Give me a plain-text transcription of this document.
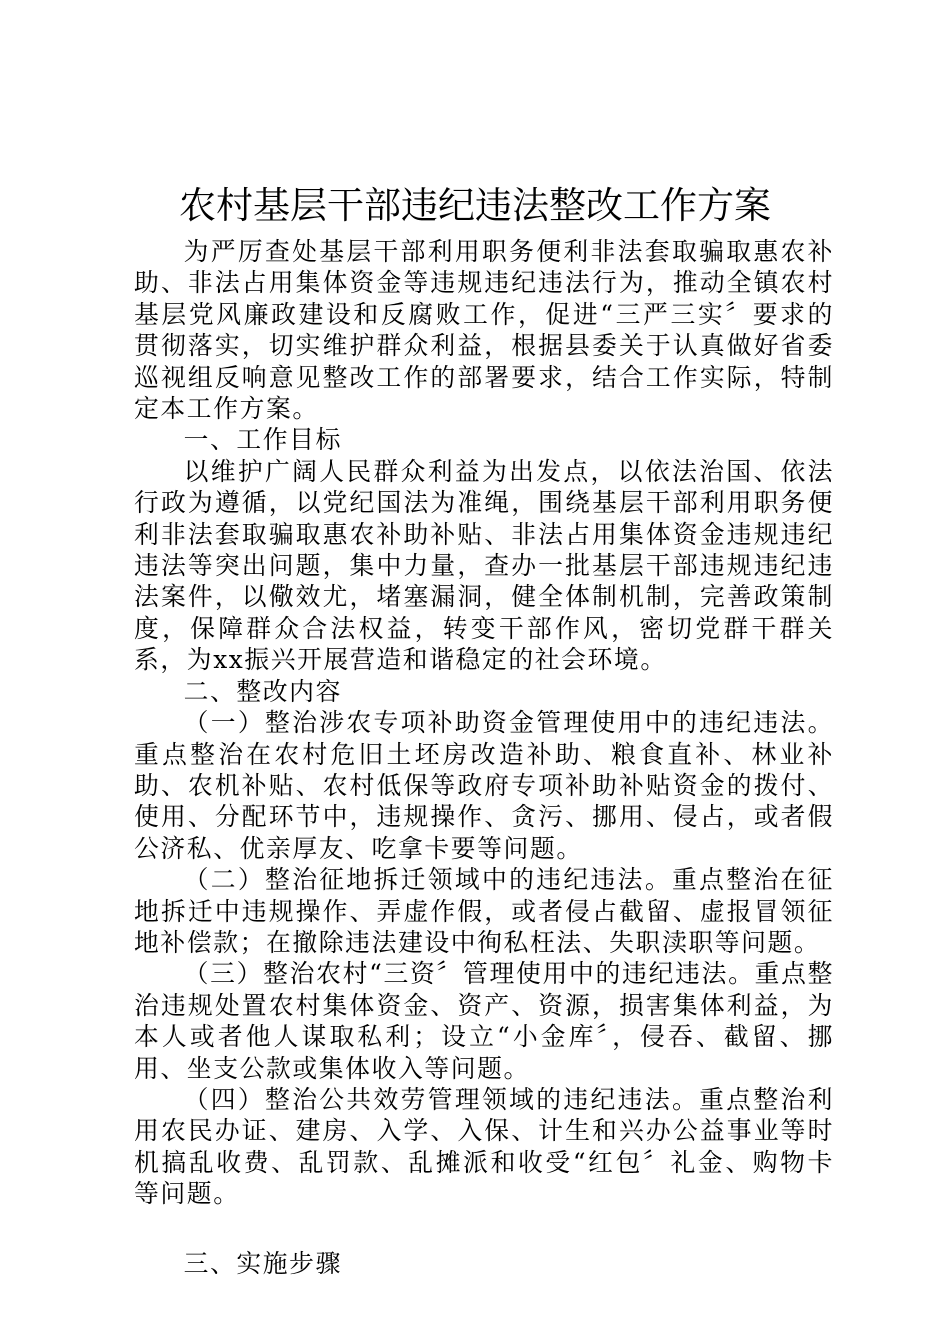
农村基层干部违纪违法整改工作方案

为严厉查处基层干部利用职务便利非法套取骗取惠农补助、非法占用集体资金等违规违纪违法行为，推动全镇农村基层党风廉政建设和反腐败工作，促进“三严三实〞要求的贯彻落实，切实维护群众利益，根据县委关于认真做好省委巡视组反响意见整改工作的部署要求，结合工作实际，特制定本工作方案。

一、工作目标

以维护广阔人民群众利益为出发点，以依法治国、依法行政为遵循，以党纪国法为准绳，围绕基层干部利用职务便利非法套取骗取惠农补助补贴、非法占用集体资金违规违纪违法等突出问题，集中力量，查办一批基层干部违规违纪违法案件，以儆效尤，堵塞漏洞，健全体制机制，完善政策制度，保障群众合法权益，转变干部作风，密切党群干群关系，为xx振兴开展营造和谐稳定的社会环境。

二、整改内容

（一）整治涉农专项补助资金管理使用中的违纪违法。重点整治在农村危旧土坯房改造补助、粮食直补、林业补助、农机补贴、农村低保等政府专项补助补贴资金的拨付、使用、分配环节中，违规操作、贪污、挪用、侵占，或者假公济私、优亲厚友、吃拿卡要等问题。

（二）整治征地拆迁领域中的违纪违法。重点整治在征地拆迁中违规操作、弄虚作假，或者侵占截留、虚报冒领征地补偿款；在撤除违法建设中徇私枉法、失职渎职等问题。

（三）整治农村“三资〞管理使用中的违纪违法。重点整治违规处置农村集体资金、资产、资源，损害集体利益，为本人或者他人谋取私利；设立“小金库〞，侵吞、截留、挪用、坐支公款或集体收入等问题。

（四）整治公共效劳管理领域的违纪违法。重点整治利用农民办证、建房、入学、入保、计生和兴办公益事业等时机搞乱收费、乱罚款、乱摊派和收受“红包〞礼金、购物卡等问题。

三、实施步骤
